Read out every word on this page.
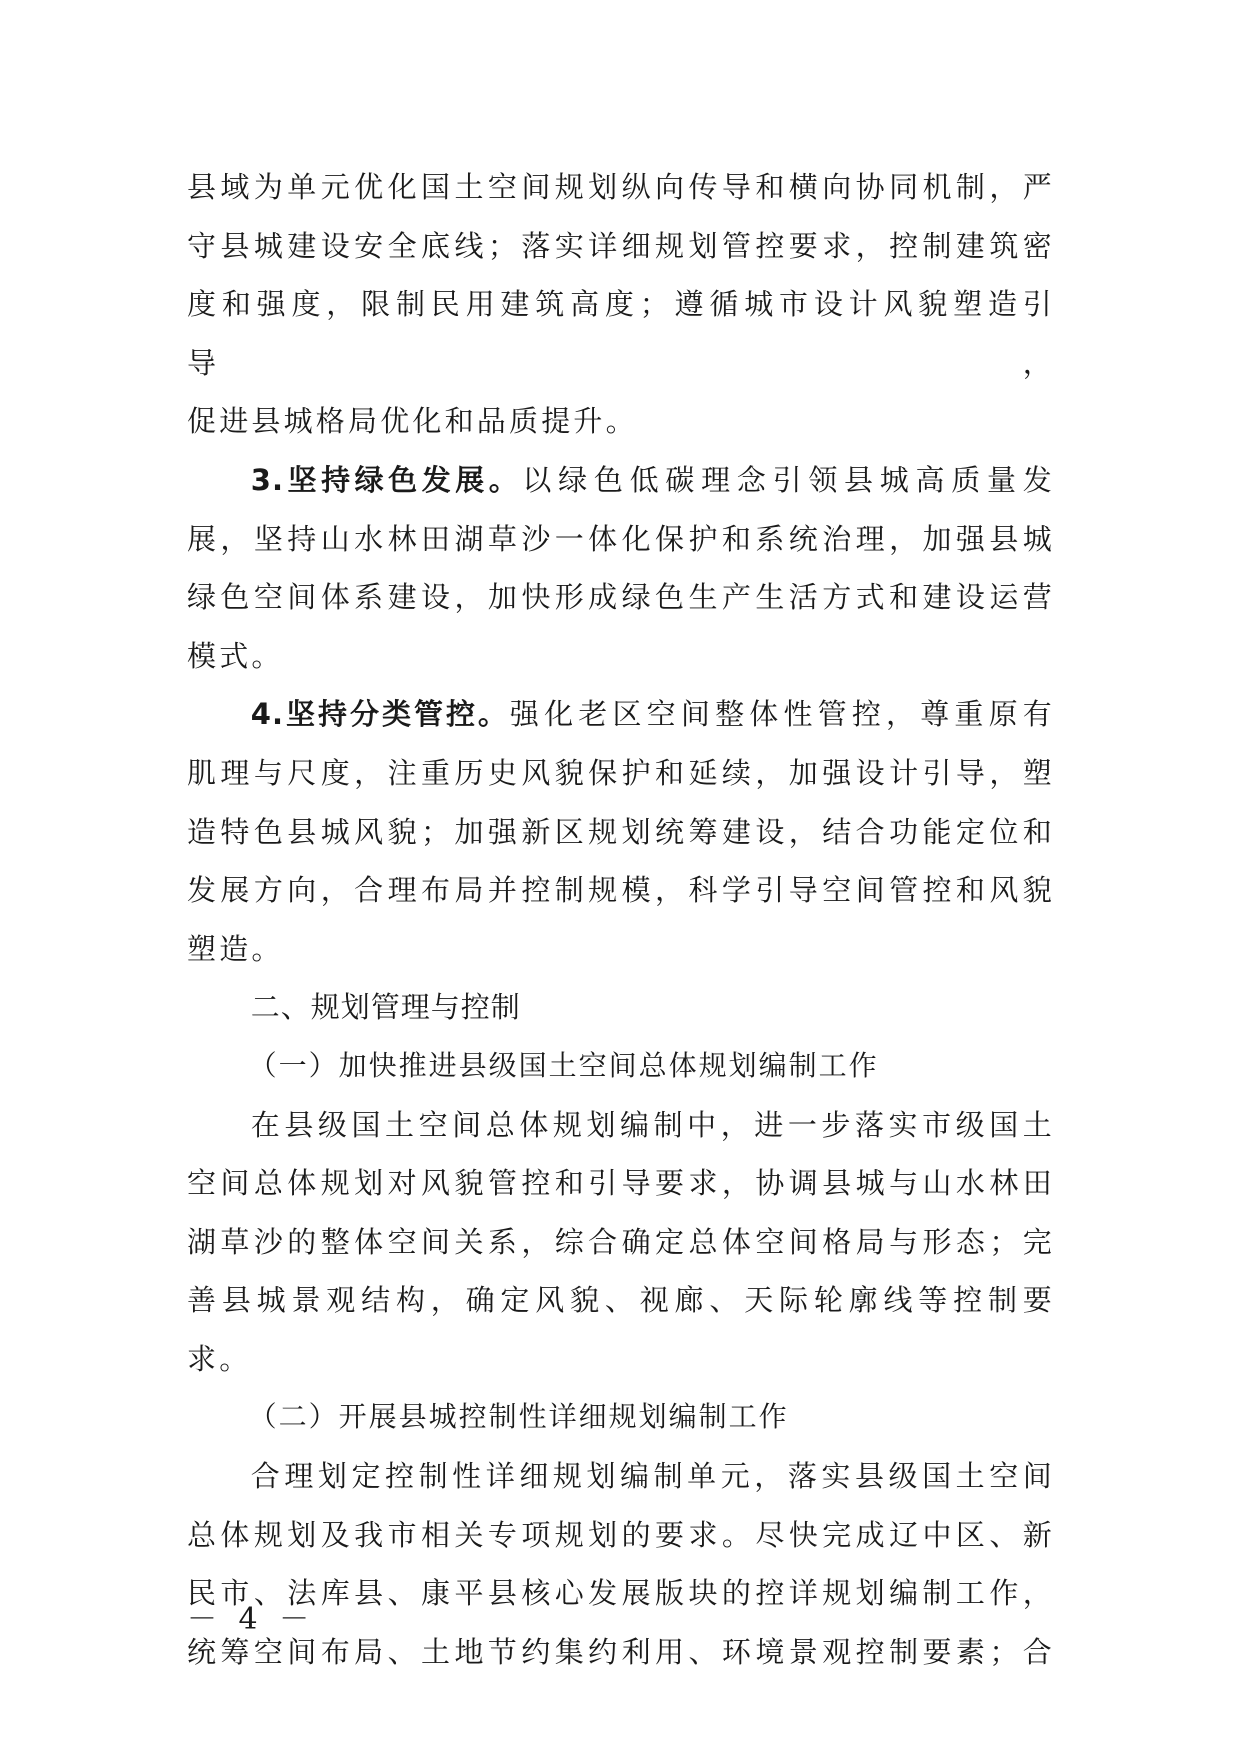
县域为单元优化国土空间规划纵向传导和横向协同机制，严

守县城建设安全底线；落实详细规划管控要求，控制建筑密

度和强度，限制民用建筑高度；遵循城市设计风貌塑造引导，

促进县城格局优化和品质提升。

3.坚持绿色发展。以绿色低碳理念引领县城高质量发

展，坚持山水林田湖草沙一体化保护和系统治理，加强县城

绿色空间体系建设，加快形成绿色生产生活方式和建设运营

模式。

4.坚持分类管控。强化老区空间整体性管控，尊重原有

肌理与尺度，注重历史风貌保护和延续，加强设计引导，塑

造特色县城风貌；加强新区规划统筹建设，结合功能定位和

发展方向，合理布局并控制规模，科学引导空间管控和风貌

塑造。

二、规划管理与控制

（一）加快推进县级国土空间总体规划编制工作

在县级国土空间总体规划编制中，进一步落实市级国土

空间总体规划对风貌管控和引导要求，协调县城与山水林田

湖草沙的整体空间关系，综合确定总体空间格局与形态；完

善县城景观结构，确定风貌、视廊、天际轮廓线等控制要求。

（二）开展县城控制性详细规划编制工作

合理划定控制性详细规划编制单元，落实县级国土空间

总体规划及我市相关专项规划的要求。尽快完成辽中区、新

民市、法库县、康平县核心发展版块的控详规划编制工作，

统筹空间布局、土地节约集约利用、环境景观控制要素；合

－ 4 －
